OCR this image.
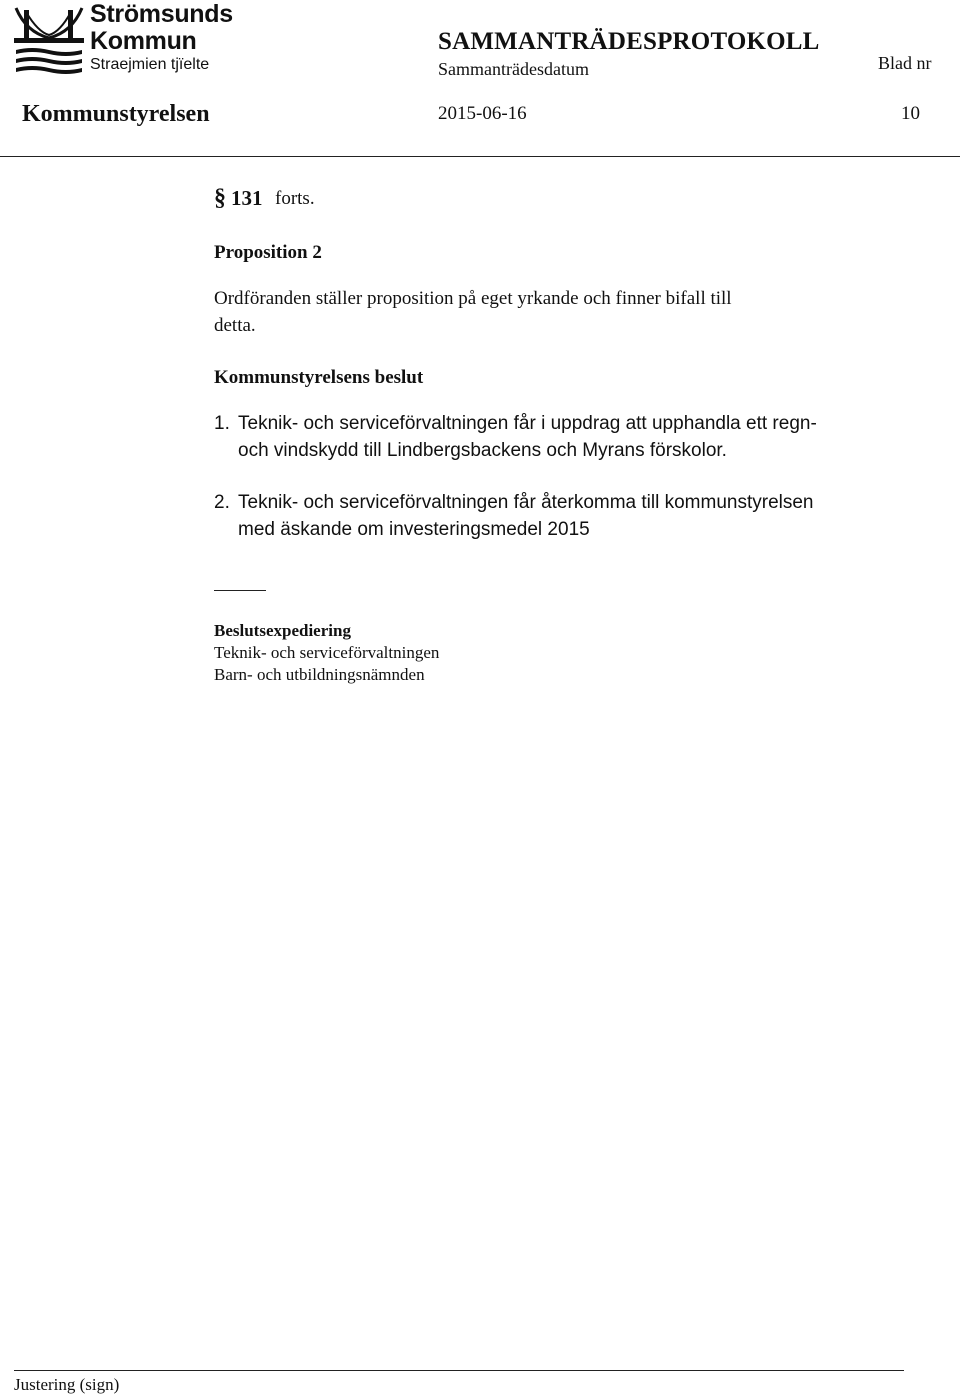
Strömsunds
Kommun
Straejmien tjïelte
SAMMANTRÄDESPROTOKOLL
Sammanträdesdatum	Blad nr
Kommunstyrelsen	2015-06-16	10
§ 131 forts.
Proposition 2
Ordföranden ställer proposition på eget yrkande och finner bifall till
detta.
Kommunstyrelsens beslut
1. Teknik- och serviceförvaltningen får i uppdrag att upphandla ett regn-
och vindskydd till Lindbergsbackens och Myrans förskolor.
2. Teknik- och serviceförvaltningen får återkomma till kommunstyrelsen
med äskande om investeringsmedel 2015
Beslutsexpediering
Teknik- och serviceförvaltningen
Barn- och utbildningsnämnden
Justering (sign)
